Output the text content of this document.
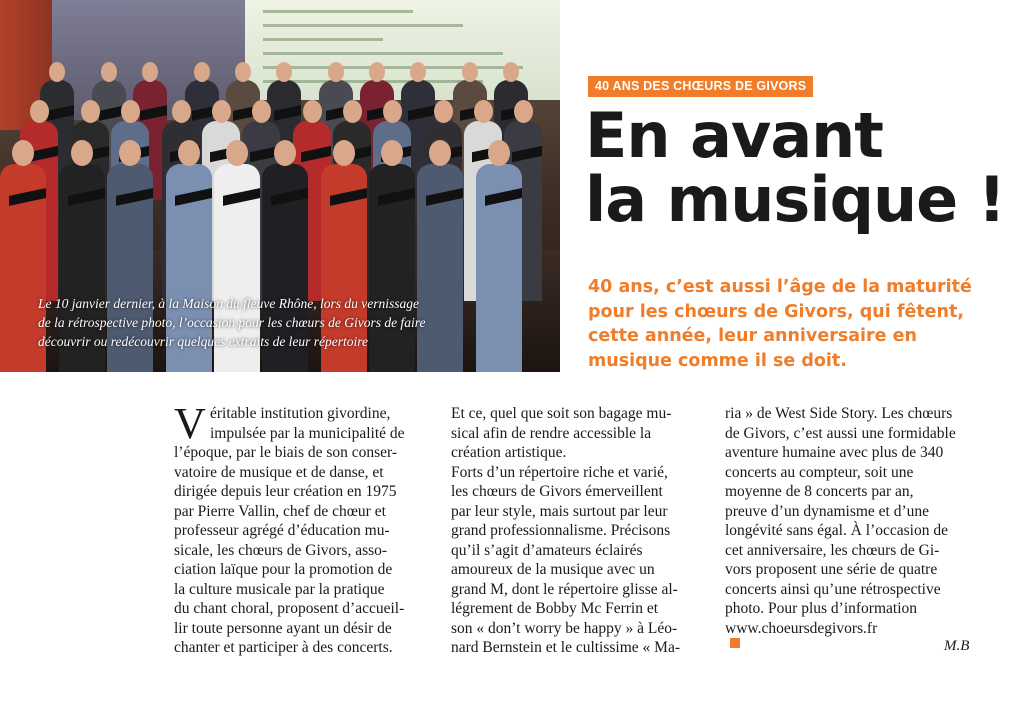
Le 10 janvier dernier, à la Maison du fleuve Rhône, lors du vernissage
de la rétrospective photo, l’occasion pour les chœurs de Givors de faire
découvrir ou redécouvrir quelques extraits de leur répertoire
40 ANS DES CHŒURS DE GIVORS
En avant
la musique !
40 ans, c’est aussi l’âge de la maturité
pour les chœurs de Givors, qui fêtent,
cette année, leur anniversaire en
musique comme il se doit.
V éritable institution givordine,
impulsée par la municipalité de
l’époque, par le biais de son conser-
vatoire de musique et de danse, et
dirigée depuis leur création en 1975
par Pierre Vallin, chef de chœur et
professeur agrégé d’éducation mu-
sicale, les chœurs de Givors, asso-
ciation laïque pour la promotion de
la culture musicale par la pratique
du chant choral, proposent d’accueil-
lir toute personne ayant un désir de
chanter et participer à des concerts.
Et ce, quel que soit son bagage mu-
sical afin de rendre accessible la
création artistique.
Forts d’un répertoire riche et varié,
les chœurs de Givors émerveillent
par leur style, mais surtout par leur
grand professionnalisme. Précisons
qu’il s’agit d’amateurs éclairés
amoureux de la musique avec un
grand M, dont le répertoire glisse al-
légrement de Bobby Mc Ferrin et
son « don’t worry be happy » à Léo-
nard Bernstein et le cultissime « Ma-
ria » de West Side Story. Les chœurs
de Givors, c’est aussi une formidable
aventure humaine avec plus de 340
concerts au compteur, soit une
moyenne de 8 concerts par an,
preuve d’un dynamisme et d’une
longévité sans égal. À l’occasion de
cet anniversaire, les chœurs de Gi-
vors proposent une série de quatre
concerts ainsi qu’une rétrospective
photo. Pour plus d’information
www.choeursdegivors.fr
M.B
